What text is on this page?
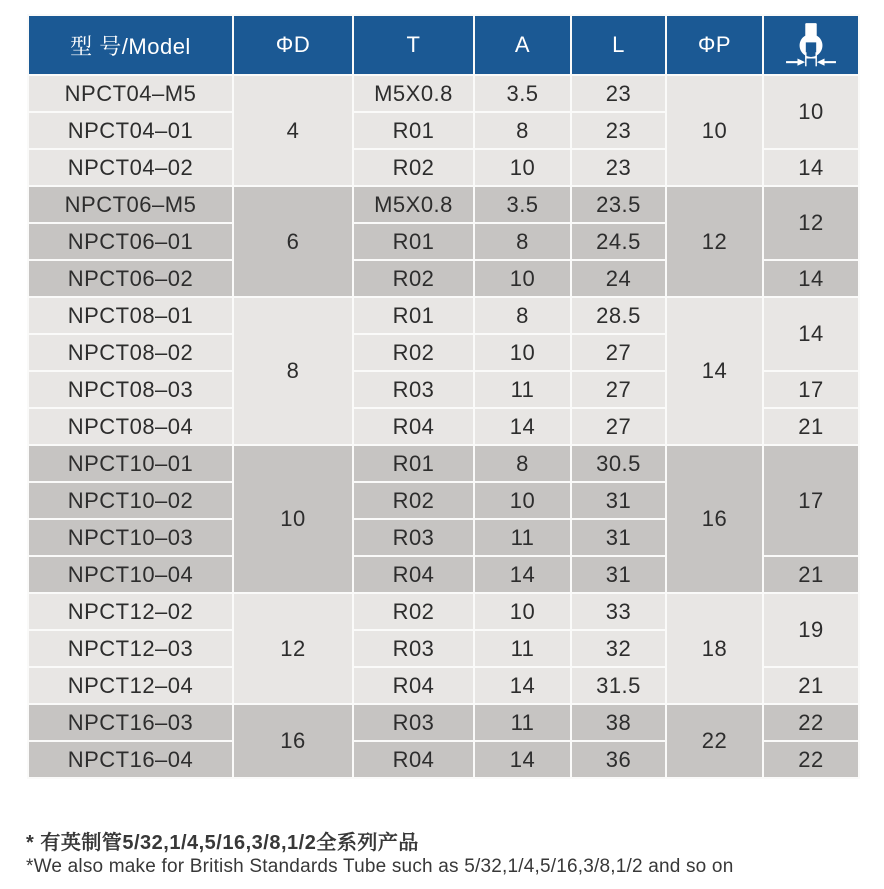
型 号/Model	ΦD	T	A	L	ΦP	

NPCT04–M5	4	M5X0.8	3.5	23	10	10
NPCT04–01		R01	8	23		
NPCT04–02		R02	10	23		14
NPCT06–M5	6	M5X0.8	3.5	23.5	12	12
NPCT06–01		R01	8	24.5		
NPCT06–02		R02	10	24		14
NPCT08–01	8	R01	8	28.5	14	14
NPCT08–02		R02	10	27		
NPCT08–03		R03	11	27		17
NPCT08–04		R04	14	27		21
NPCT10–01	10	R01	8	30.5	16	17
NPCT10–02		R02	10	31		
NPCT10–03		R03	11	31		
NPCT10–04		R04	14	31		21
NPCT12–02	12	R02	10	33	18	19
NPCT12–03		R03	11	32		
NPCT12–04		R04	14	31.5		21
NPCT16–03	16	R03	11	38	22	22
NPCT16–04		R04	14	36		22
* 有英制管5/32,1/4,5/16,3/8,1/2全系列产品
*We also make for British Standards Tube such as 5/32,1/4,5/16,3/8,1/2 and so on
